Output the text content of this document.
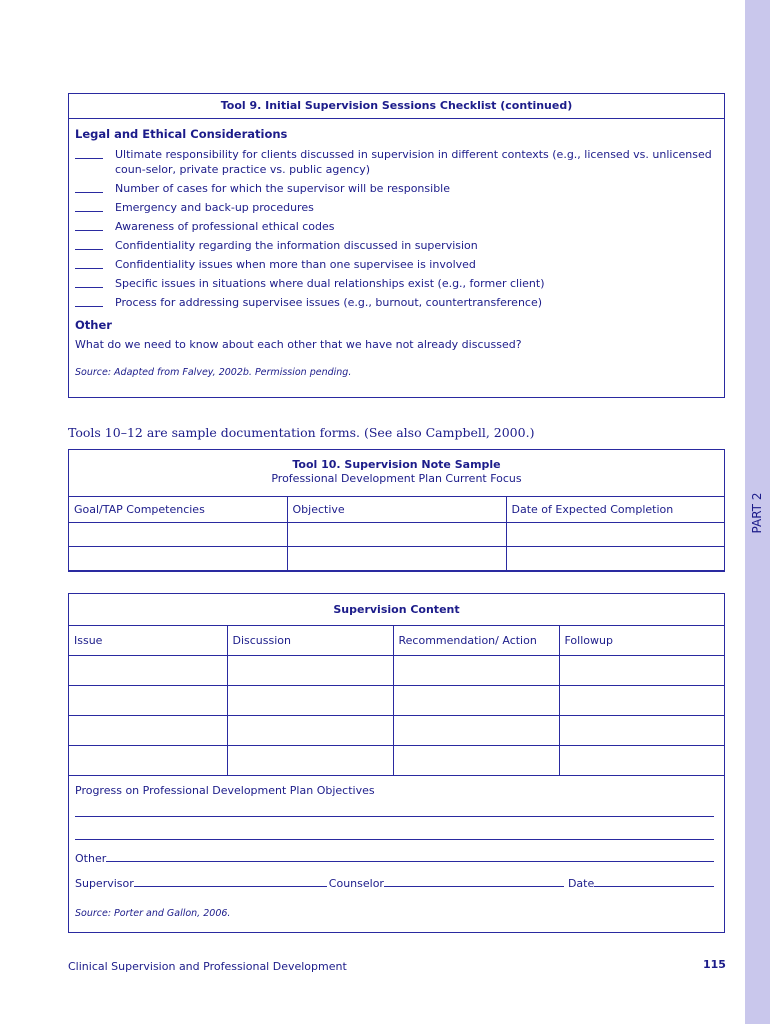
PART 2
Tool 9. Initial Supervision Sessions Checklist (continued)
Legal and Ethical Considerations
Ultimate responsibility for clients discussed in supervision in different contexts (e.g., licensed vs. unlicensed coun-selor, private practice vs. public agency)
Number of cases for which the supervisor will be responsible
Emergency and back-up procedures
Awareness of professional ethical codes
Confidentiality regarding the information discussed in supervision
Confidentiality issues when more than one supervisee is involved
Specific issues in situations where dual relationships exist (e.g., former client)
Process for addressing supervisee issues (e.g., burnout, countertransference)
Other
What do we need to know about each other that we have not already discussed?
Source: Adapted from Falvey, 2002b. Permission pending.
Tools 10–12 are sample documentation forms. (See also Campbell, 2000.)
Tool 10. Supervision Note Sample
Professional Development Plan Current Focus
Goal/TAP Competencies	Objective	Date of Expected Completion

Supervision Content
Issue	Discussion	Recommendation/ Action	Followup

Progress on Professional Development Plan Objectives
Other
Supervisor	Counselor	Date
Source: Porter and Gallon, 2006.
Clinical Supervision and Professional Development	115
